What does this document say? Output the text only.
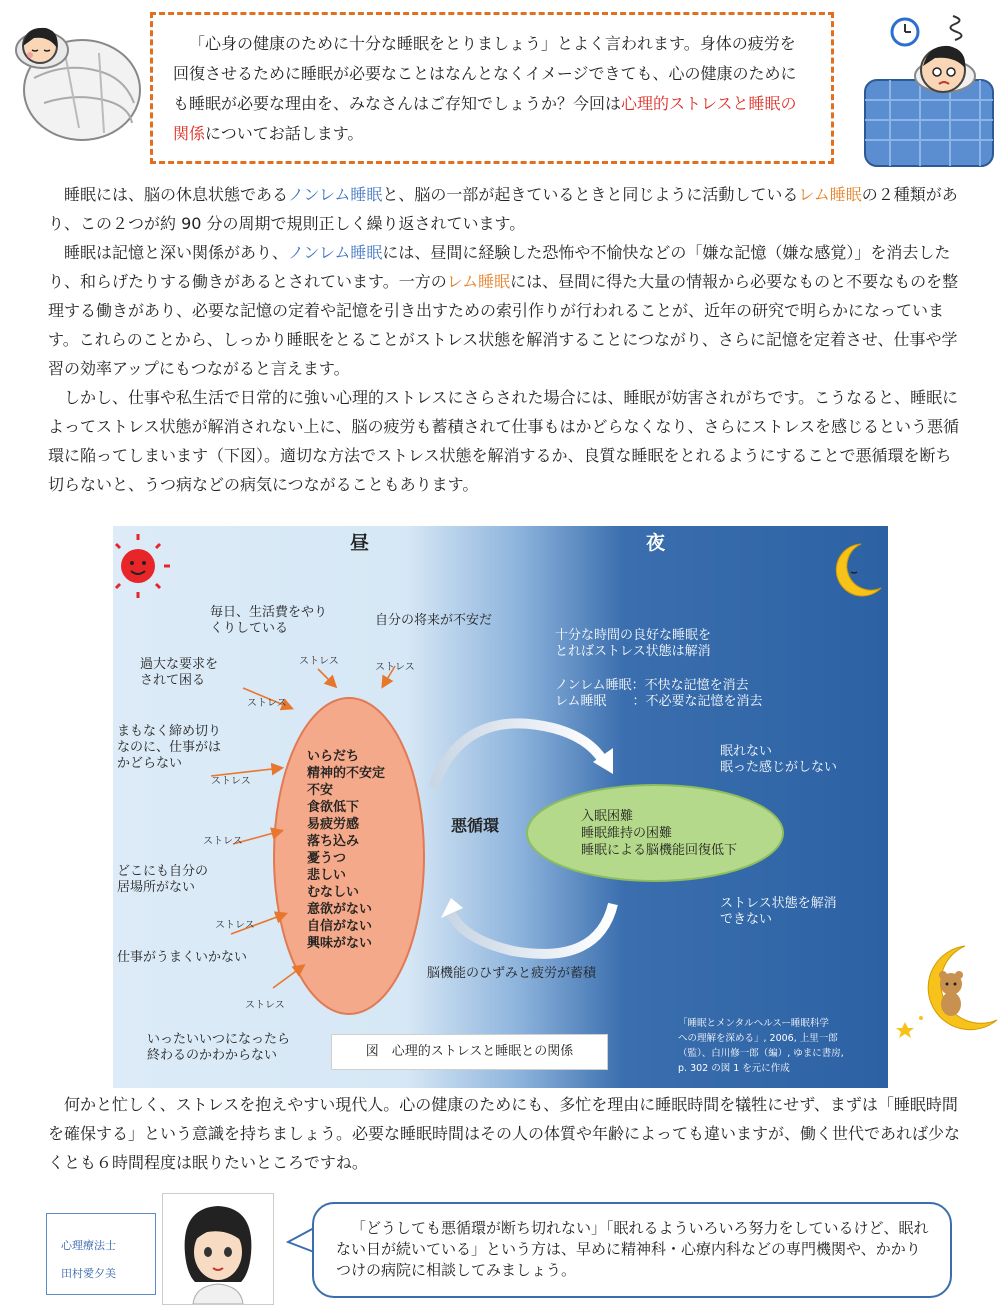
「心身の健康のために十分な睡眠をとりましょう」とよく言われます。身体の疲労を回復させるために睡眠が必要なことはなんとなくイメージできても、心の健康のためにも睡眠が必要な理由を、みなさんはご存知でしょうか？今回は心理的ストレスと睡眠の関係についてお話します。

睡眠には、脳の休息状態であるノンレム睡眠と、脳の一部が起きているときと同じように活動しているレム睡眠の２種類があり、この２つが約 90 分の周期で規則正しく繰り返されています。

睡眠は記憶と深い関係があり、ノンレム睡眠には、昼間に経験した恐怖や不愉快などの「嫌な記憶（嫌な感覚）」を消去したり、和らげたりする働きがあるとされています。一方のレム睡眠には、昼間に得た大量の情報から必要なものと不要なものを整理する働きがあり、必要な記憶の定着や記憶を引き出すための索引作りが行われることが、近年の研究で明らかになっています。これらのことから、しっかり睡眠をとることがストレス状態を解消することにつながり、さらに記憶を定着させ、仕事や学習の効率アップにもつながると言えます。

しかし、仕事や私生活で日常的に強い心理的ストレスにさらされた場合には、睡眠が妨害されがちです。こうなると、睡眠によってストレス状態が解消されない上に、脳の疲労も蓄積されて仕事もはかどらなくなり、さらにストレスを感じるという悪循環に陥ってしまいます（下図）。適切な方法でストレス状態を解消するか、良質な睡眠をとれるようにすることで悪循環を断ち切らないと、うつ病などの病気につながることもあります。

昼	夜
毎日、生活費をやり
くりしている
自分の将来が不安だ
過大な要求を
されて困る
まもなく締め切り
なのに、仕事がは
かどらない
どこにも自分の
居場所がない
仕事がうまくいかない
いったいいつになったら
終わるのかわからない
ストレス
ストレス
ストレス
ストレス
ストレス
ストレス
ストレス
いらだち
精神的不安定
不安
食欲低下
易疲労感
落ち込み
憂うつ
悲しい
むなしい
意欲がない
自信がない
興味がない
悪循環	入眠困難
睡眠維持の困難
睡眠による脳機能回復低下
十分な時間の良好な睡眠を
とればストレス状態は解消
ノンレム睡眠：不快な記憶を消去
レム睡眠　　：不必要な記憶を消去
眠れない
眠った感じがしない
ストレス状態を解消
できない
脳機能のひずみと疲労が蓄積
図　心理的ストレスと睡眠との関係
「睡眠とメンタルヘルスー睡眠科学
への理解を深める」, 2006, 上里一郎
（監）、白川修一郎（編）, ゆまに書房,
p. 302 の図 1 を元に作成

何かと忙しく、ストレスを抱えやすい現代人。心の健康のためにも、多忙を理由に睡眠時間を犠牲にせず、まずは「睡眠時間を確保する」という意識を持ちましょう。必要な睡眠時間はその人の体質や年齢によっても違いますが、働く世代であれば少なくとも６時間程度は眠りたいところですね。

心理療法士
田村愛夕美

「どうしても悪循環が断ち切れない」「眠れるよういろいろ努力をしているけど、眠れない日が続いている」という方は、早めに精神科・心療内科などの専門機関や、かかりつけの病院に相談してみましょう。
